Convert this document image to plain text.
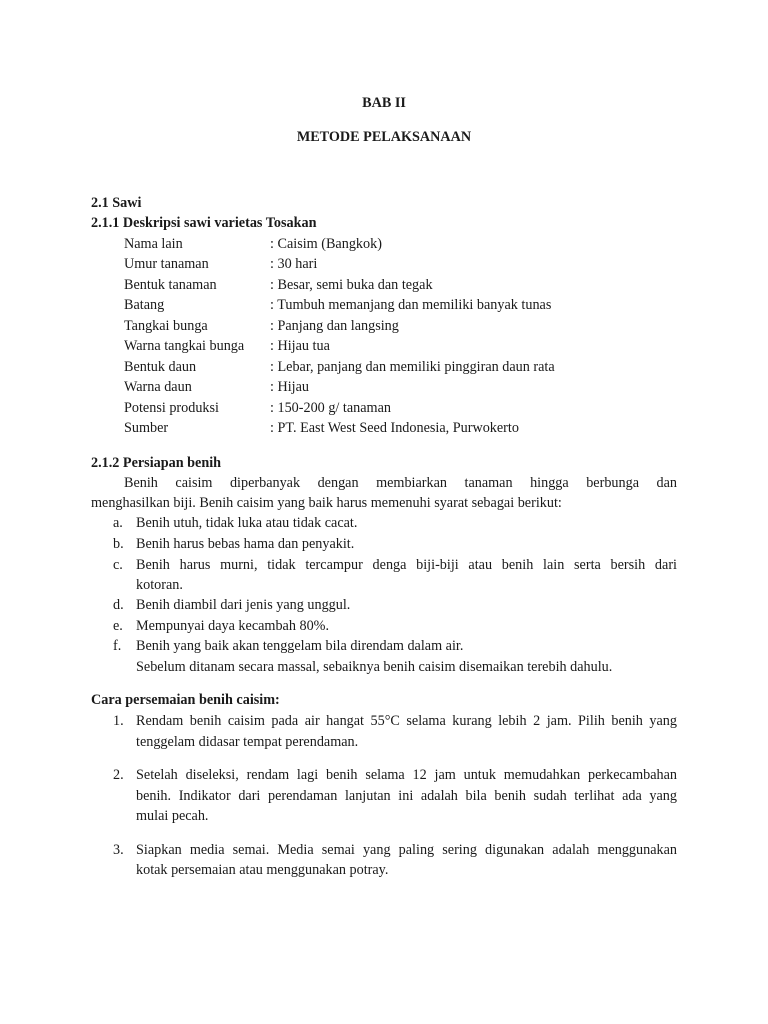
BAB II
METODE PELAKSANAAN
2.1 Sawi
2.1.1 Deskripsi sawi varietas Tosakan
Nama lain	: Caisim (Bangkok)
Umur tanaman	: 30 hari
Bentuk tanaman	: Besar, semi buka dan tegak
Batang	: Tumbuh memanjang dan memiliki banyak tunas
Tangkai bunga	: Panjang dan langsing
Warna tangkai bunga : Hijau tua
Bentuk daun	: Lebar, panjang dan memiliki pinggiran daun rata
Warna daun	: Hijau
Potensi produksi	: 150-200 g/ tanaman
Sumber	: PT. East West Seed Indonesia, Purwokerto
2.1.2 Persiapan benih
Benih caisim diperbanyak dengan membiarkan tanaman hingga berbunga dan
menghasilkan biji. Benih caisim yang baik harus memenuhi syarat sebagai berikut:
a. Benih utuh, tidak luka atau tidak cacat.
b. Benih harus bebas hama dan penyakit.
c. Benih harus murni, tidak tercampur denga biji-biji atau benih lain serta bersih dari
kotoran.
d. Benih diambil dari jenis yang unggul.
e. Mempunyai daya kecambah 80%.
f. Benih yang baik akan tenggelam bila direndam dalam air.
Sebelum ditanam secara massal, sebaiknya benih caisim disemaikan terebih dahulu.
Cara persemaian benih caisim:
1. Rendam benih caisim pada air hangat 55°C selama kurang lebih 2 jam. Pilih benih yang
tenggelam didasar tempat perendaman.
2. Setelah diseleksi, rendam lagi benih selama 12 jam untuk memudahkan perkecambahan
benih. Indikator dari perendaman lanjutan ini adalah bila benih sudah terlihat ada yang
mulai pecah.
3. Siapkan media semai. Media semai yang paling sering digunakan adalah menggunakan
kotak persemaian atau menggunakan potray.
